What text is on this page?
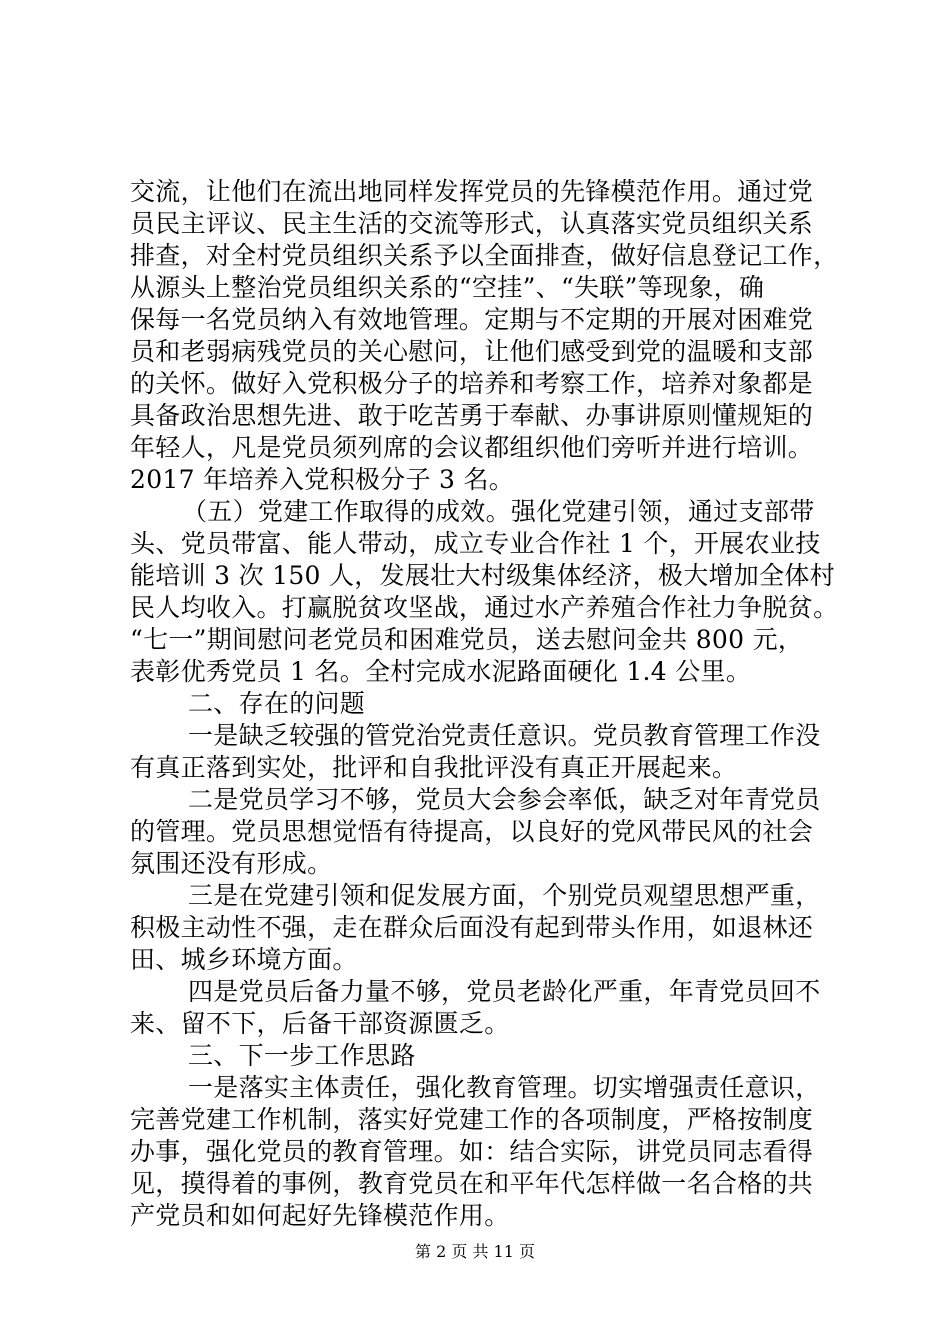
交流，让他们在流出地同样发挥党员的先锋模范作用。通过党
员民主评议、民主生活的交流等形式，认真落实党员组织关系
排查，对全村党员组织关系予以全面排查，做好信息登记工作，
从源头上整治党员组织关系的“空挂”、“失联”等现象，确
保每一名党员纳入有效地管理。定期与不定期的开展对困难党
员和老弱病残党员的关心慰问，让他们感受到党的温暖和支部
的关怀。做好入党积极分子的培养和考察工作，培养对象都是
具备政治思想先进、敢于吃苦勇于奉献、办事讲原则懂规矩的
年轻人，凡是党员须列席的会议都组织他们旁听并进行培训。
2017 年培养入党积极分子 3 名。
（五）党建工作取得的成效。强化党建引领，通过支部带
头、党员带富、能人带动，成立专业合作社 1 个，开展农业技
能培训 3 次 150 人，发展壮大村级集体经济，极大增加全体村
民人均收入。打赢脱贫攻坚战，通过水产养殖合作社力争脱贫。
“七一”期间慰问老党员和困难党员，送去慰问金共 800 元，
表彰优秀党员 1 名。全村完成水泥路面硬化 1.4 公里。
二、存在的问题
一是缺乏较强的管党治党责任意识。党员教育管理工作没
有真正落到实处，批评和自我批评没有真正开展起来。
二是党员学习不够，党员大会参会率低，缺乏对年青党员
的管理。党员思想觉悟有待提高，以良好的党风带民风的社会
氛围还没有形成。
三是在党建引领和促发展方面，个别党员观望思想严重，
积极主动性不强，走在群众后面没有起到带头作用，如退林还
田、城乡环境方面。
四是党员后备力量不够，党员老龄化严重，年青党员回不
来、留不下，后备干部资源匮乏。
三、下一步工作思路
一是落实主体责任，强化教育管理。切实增强责任意识，
完善党建工作机制，落实好党建工作的各项制度，严格按制度
办事，强化党员的教育管理。如：结合实际，讲党员同志看得
见，摸得着的事例，教育党员在和平年代怎样做一名合格的共
产党员和如何起好先锋模范作用。
第 2 页 共 11 页
